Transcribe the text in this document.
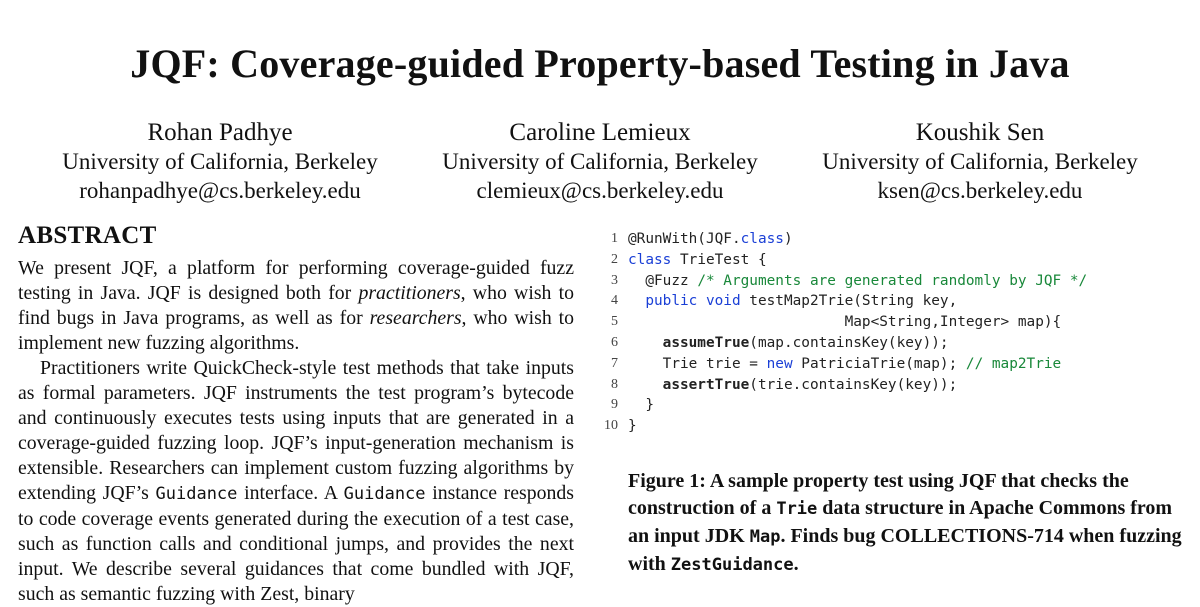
JQF: Coverage-guided Property-based Testing in Java
Rohan Padhye
University of California, Berkeley
rohanpadhye@cs.berkeley.edu
Caroline Lemieux
University of California, Berkeley
clemieux@cs.berkeley.edu
Koushik Sen
University of California, Berkeley
ksen@cs.berkeley.edu
ABSTRACT

We present JQF, a platform for performing coverage-guided fuzz testing in Java. JQF is designed both for practitioners, who wish to find bugs in Java programs, as well as for researchers, who wish to implement new fuzzing algorithms.

Practitioners write QuickCheck-style test methods that take inputs as formal parameters. JQF instruments the test program’s bytecode and continuously executes tests using inputs that are generated in a coverage-guided fuzzing loop. JQF’s input-generation mechanism is extensible. Researchers can implement custom fuzzing algorithms by extending JQF’s Guidance interface. A Guidance instance responds to code coverage events generated during the execution of a test case, such as function calls and conditional jumps, and provides the next input. We describe several guidances that come bundled with JQF, such as semantic fuzzing with Zest, binary

1 @RunWith(JQF. class )
2 class TrieTest {
3 @Fuzz /* Arguments are generated randomly by JQF */
4 public void testMap2Trie(String key,
5 Map<String,Integer> map){
6
	assumeTrue (map.containsKey(key));
7 Trie trie = new PatriciaTrie(map); // map2Trie
8
	assertTrue (trie.containsKey(key));
9 }
10 }
Figure 1: A sample property test using JQF that checks the construction of a Trie data structure in Apache Commons from an input JDK Map. Finds bug COLLECTIONS-714 when fuzzing with ZestGuidance.
